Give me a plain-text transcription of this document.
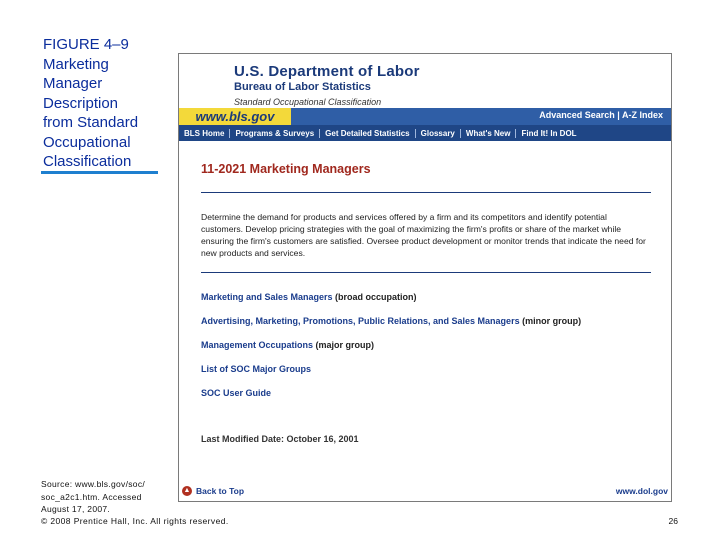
FIGURE 4–9
Marketing
Manager
Description
from Standard
Occupational
Classification
Source: www.bls.gov/soc/
soc_a2c1.htm. Accessed
August 17, 2007.
© 2008 Prentice Hall, Inc. All rights reserved.	26
U.S. Department of Labor
Bureau of Labor Statistics
Standard Occupational Classification
www.bls.gov	Advanced Search | A-Z Index
BLS Home	Programs & Surveys	Get Detailed Statistics	Glossary	What's New	Find It! In DOL
11-2021 Marketing Managers
Determine the demand for products and services offered by a firm and its competitors and identify potential customers. Develop pricing strategies with the goal of maximizing the firm's profits or share of the market while ensuring the firm's customers are satisfied. Oversee product development or monitor trends that indicate the need for new products and services.
Marketing and Sales Managers (broad occupation)
Advertising, Marketing, Promotions, Public Relations, and Sales Managers (minor group)
Management Occupations (major group)
List of SOC Major Groups
SOC User Guide
Last Modified Date: October 16, 2001
▲ Back to Top	www.dol.gov
